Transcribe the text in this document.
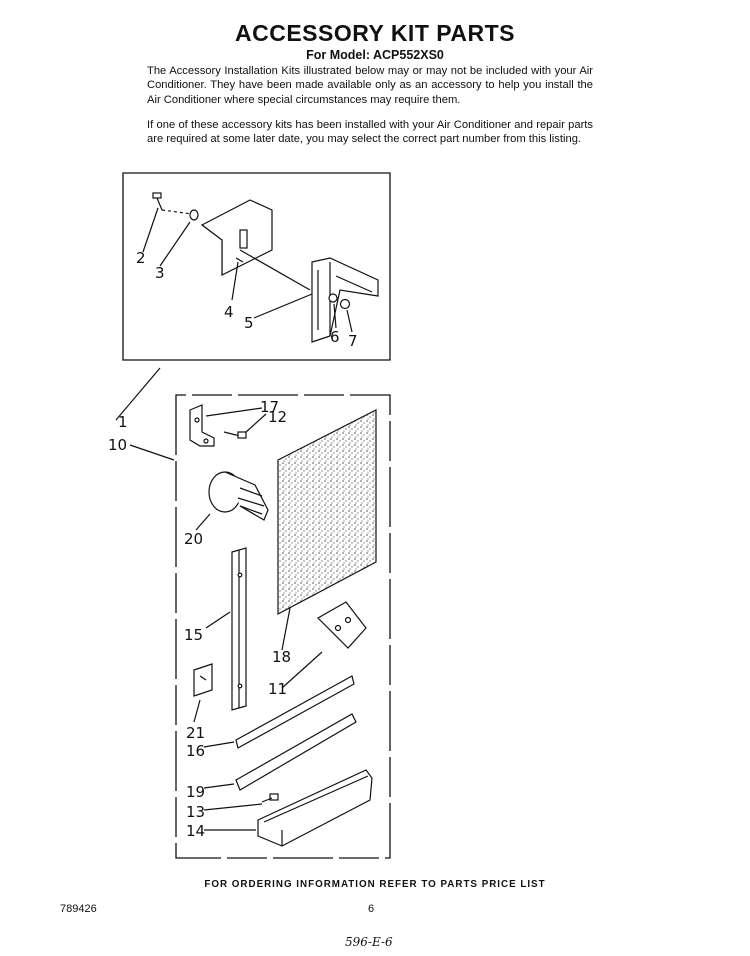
ACCESSORY KIT PARTS
For Model: ACP552XS0
The Accessory Installation Kits illustrated below may or may not be included with your Air Conditioner. They have been made available only as an accessory to help you install the Air Conditioner where special circumstances may require them.
If one of these accessory kits has been installed with your Air Conditioner and repair parts are required at some later date, you may select the correct part number from this listing.
1
2
3
4
5
6 7
10
17
12
20
15
18
11
21
16
19
13
14
FOR ORDERING INFORMATION REFER TO PARTS PRICE LIST
789426	6
596-E-6
